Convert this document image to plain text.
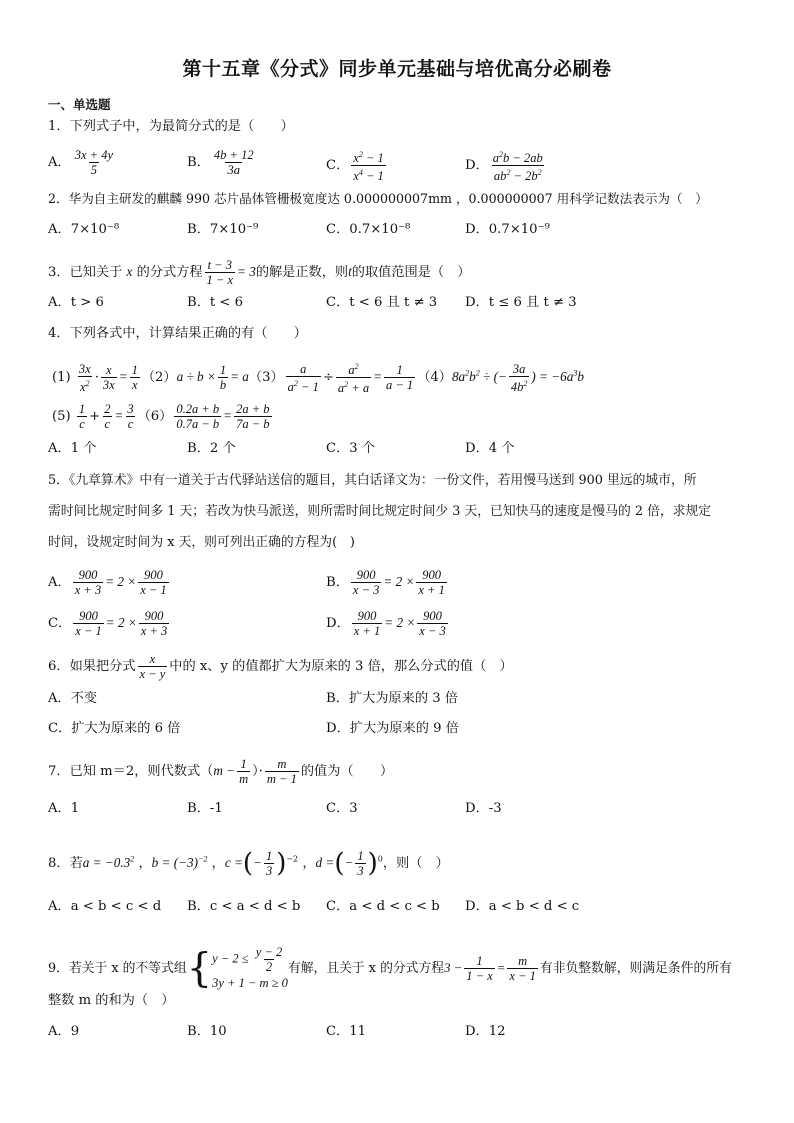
第十五章《分式》同步单元基础与培优高分必刷卷
一、单选题
1．下列式子中，为最简分式的是（　　）
A． $\frac{3x + 4y}{5}$	B． $\frac{4b + 12}{3a}$	C． $\frac{x^2 - 1}{x^4 - 1}$	D． $\frac{a^2b - 2ab}{ab^2 - 2b^2}$
2．华为自主研发的麒麟 990 芯片晶体管栅极宽度达 0.000000007mm ，0.000000007 用科学记数法表示为（　）
A．7×10⁻⁸	B．7×10⁻⁹	C．0.7×10⁻⁸	D．0.7×10⁻⁹
3．已知关于 x 的分式方程 $\frac{t - 3}{1 - x} = 3$的解是正数，则t的取值范围是（　）
A．t > 6	B．t < 6	C．t < 6 且 t ≠ 3 D．t ≤ 6 且 t ≠ 3
4．下列各式中，计算结果正确的有（　　）
$(1) \frac{3x}{x^2} \cdot \frac{x}{3x} = \frac{1}{x} (2)a \div b \times \frac{1}{b} = a(3) \frac{a}{a^2 - 1} \div \frac{a^2}{a^2 + a} = \frac{1}{a - 1} (4)8a^2b^2$ ÷ (− $\frac{3a}{4b^2}$ ) = $-6a^3b$
$(5) \frac{1}{c} + \frac{2}{c} = \frac{3}{c} (6) \frac{0.2a + b}{0.7a - b} = \frac{2a + b}{7a - b}$
A．1 个	B．2 个	C．3 个	D．4 个
5．《九章算术》中有一道关于古代驿站送信的题目，其白话译文为：一份文件，若用慢马送到 900 里远的城市，所
需时间比规定时间多 1 天；若改为快马派送，则所需时间比规定时间少 3 天，已知快马的速度是慢马的 2 倍，求规定
时间，设规定时间为 x 天，则可列出正确的方程为(　)
A． $\frac{900}{x + 3} = 2 \times \frac{900}{x - 1}$	B． $\frac{900}{x - 3} = 2 \times \frac{900}{x + 1}$
C． $\frac{900}{x - 1} = 2 \times \frac{900}{x + 3}$	D． $\frac{900}{x + 1} = 2 \times \frac{900}{x - 3}$
6．如果把分式 $\frac{x}{x - y}$ 中的 x、y 的值都扩大为原来的 3 倍，那么分式的值（　）
A．不变	B．扩大为原来的 3 倍
C．扩大为原来的 6 倍	D．扩大为原来的 9 倍
7．已知 m＝2，则代数式（$m - \frac{1}{m}$ ）· $\frac{m}{m - 1}$ 的值为（　　）
A．1	B．-1	C．3	D．-3
8．若$a = -0.3^2$ ，$b = (-3)^{-2}$ ，c =(− $\frac{1}{3} )^{-2}$ ，d =(− $\frac{1}{3} )^0$，则（　）
A．a < b < c < d B．c < a < d < b C．a < d < c < b D．a < b < d < c
9．若关于 x 的不等式组{ $y - 2 \le \frac{y - 2}{2}$
3y + 1 − m ≥ 0
有解，且关于 x 的分式方程$3 - \frac{1}{1 - x} = \frac{m}{x - 1}$ 有非负整数解，则满足条件的所有
整数 m 的和为（　）
A．9	B．10	C．11	D．12
